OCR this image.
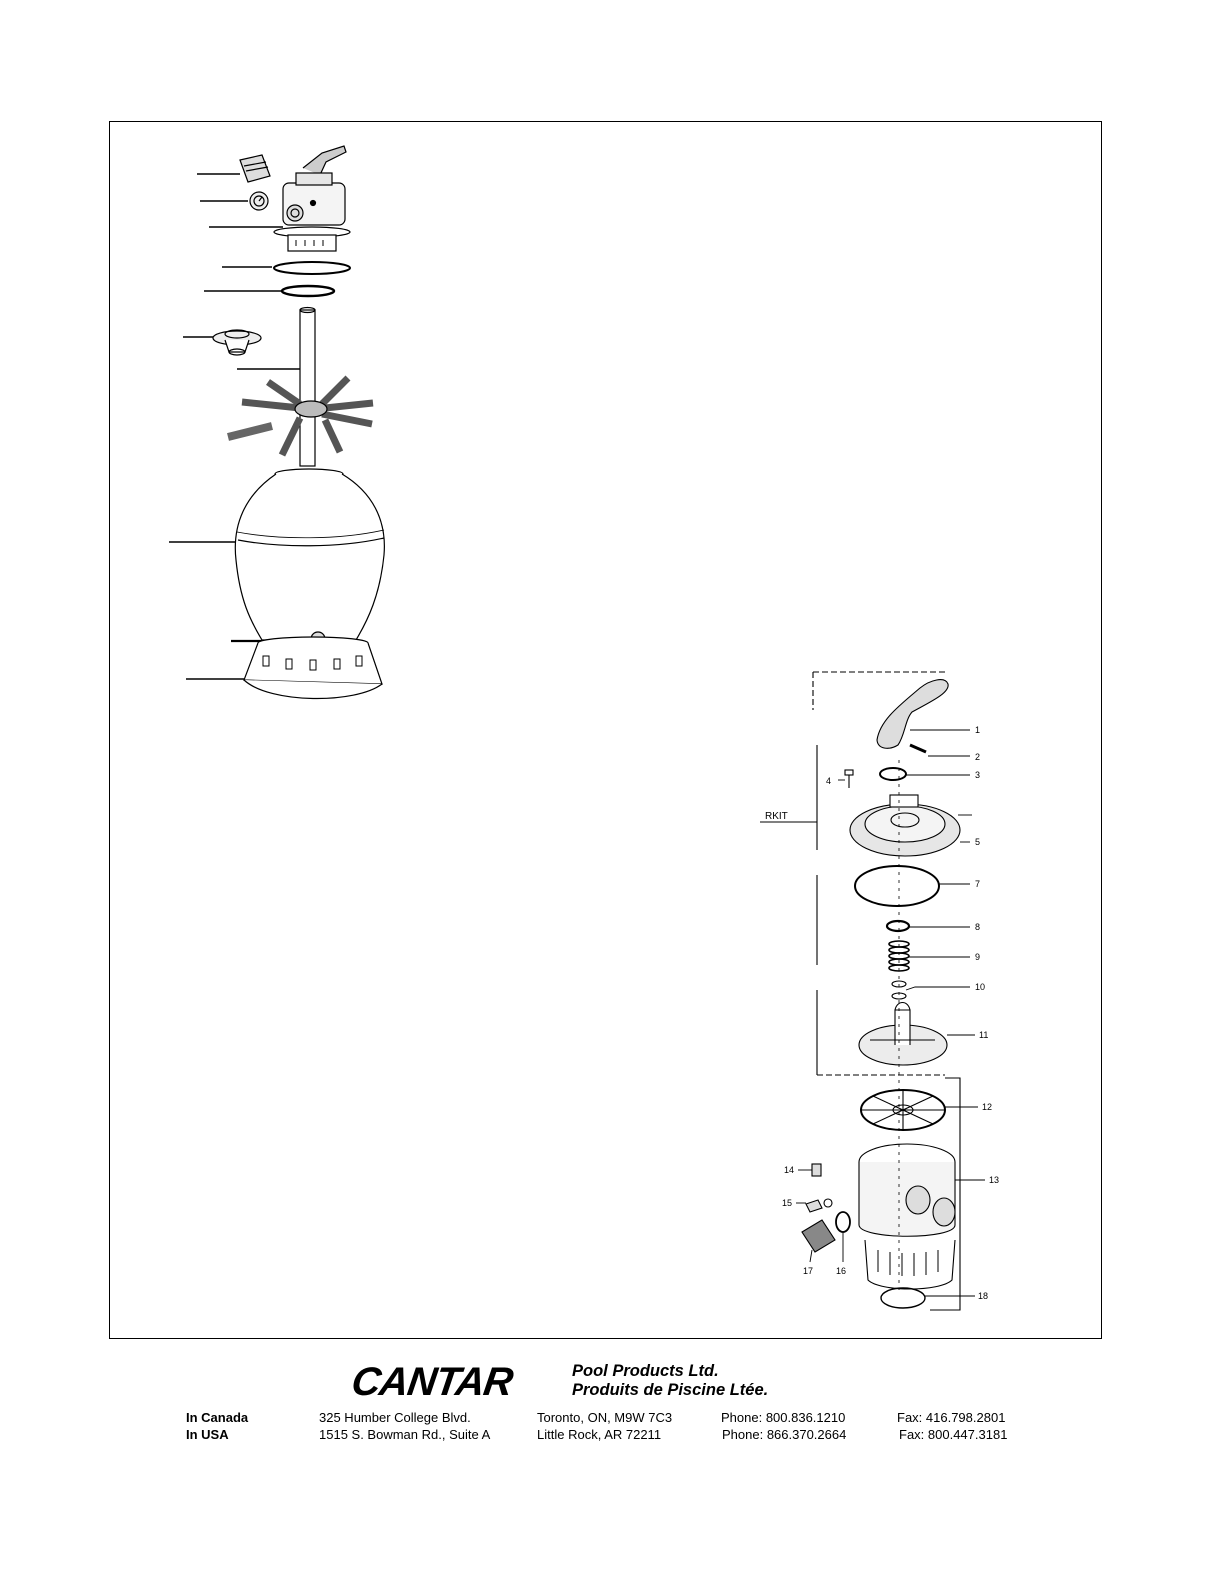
1
2
3
4
5
7
8
9
10
11
12
13
14
15
16
17
18
RKIT
CANTAR	Pool Products Ltd.
Produits de Piscine Ltée.
In Canada	325 Humber College Blvd.	Toronto, ON, M9W 7C3	Phone: 800.836.1210	Fax: 416.798.2801
In USA	1515 S. Bowman Rd., Suite A	Little Rock, AR 72211	Phone: 866.370.2664	Fax: 800.447.3181
